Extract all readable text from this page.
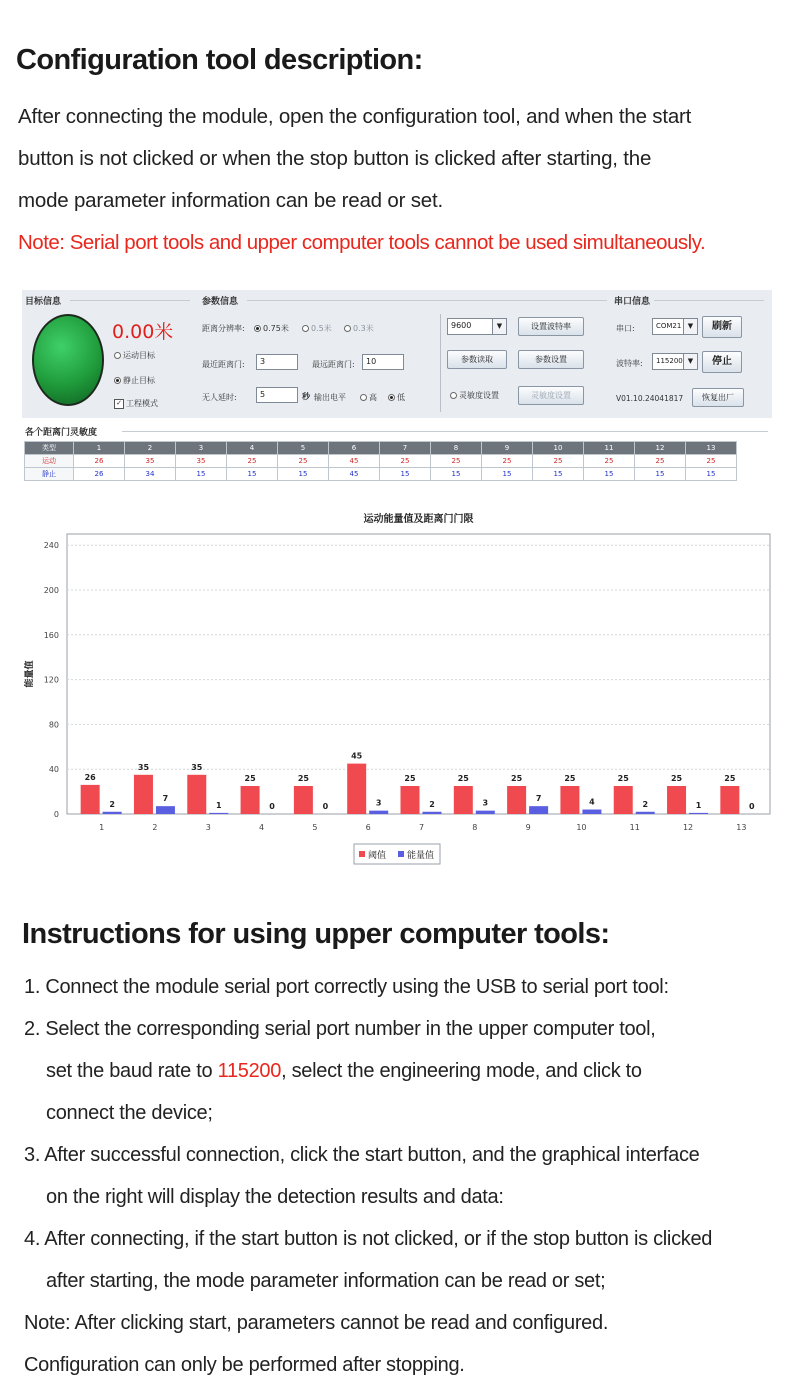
Configuration tool description:
After connecting the module, open the configuration tool, and when the start
button is not clicked or when the stop button is clicked after starting, the
mode parameter information can be read or set.
Note: Serial port tools and upper computer tools cannot be used simultaneously.
目标信息
0.00米
运动目标
静止目标
✓ 工程模式
参数信息
距离分辨率:	0.75米	0.5米	0.3米
最近距离门:	3	最远距离门:	10
无人延时:	5	秒 输出电平	高	低
9600	▼	设置波特率
参数读取	参数设置
灵敏度设置	灵敏度设置
串口信息
串口:	COM21 ▼	刷新
波特率:	115200 ▼	停止
V01.10.24041817	恢复出厂
各个距离门灵敏度
类型	1	2	3	4	5	6	7	8	9	10	11	12	13
运动	26	35	35	25	25	45	25	25	25	25	25	25	25
静止	26	34	15	15	15	45	15	15	15	15	15	15	15
运动能量值及距离门门限
0
40
80
120
160
200
240
能量值
1
26
2
2
35
7
3
35
1
4
25
0
5
25
0
6
45
3
7
25
2
8
25
3
9
25
7
10
25
4
11
25
2
12
25
1
13
25
0
阈值 能量值
Instructions for using upper computer tools:
1. Connect the module serial port correctly using the USB to serial port tool:
2. Select the corresponding serial port number in the upper computer tool,
set the baud rate to 115200, select the engineering mode, and click to
connect the device;
3. After successful connection, click the start button, and the graphical interface
on the right will display the detection results and data:
4. After connecting, if the start button is not clicked, or if the stop button is clicked
after starting, the mode parameter information can be read or set;
Note: After clicking start, parameters cannot be read and configured.
Configuration can only be performed after stopping.
